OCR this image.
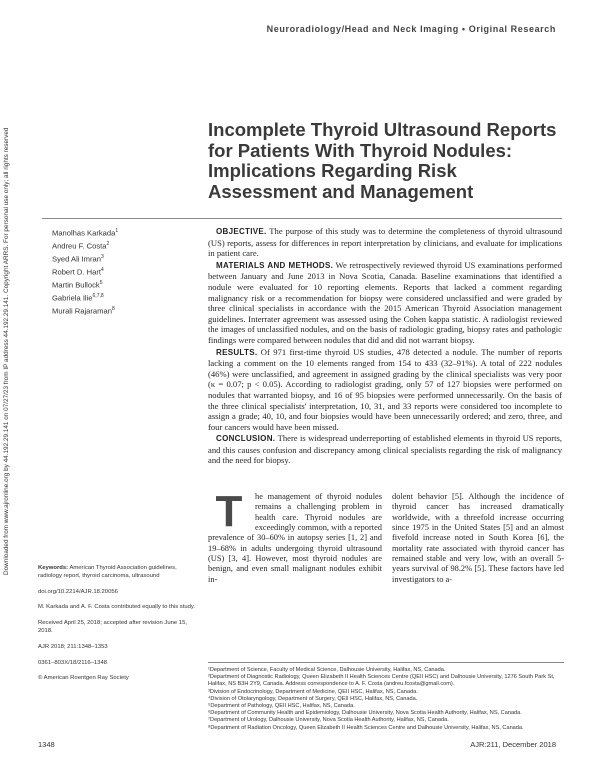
Neuroradiology/Head and Neck Imaging • Original Research
Downloaded from www.ajronline.org by 44.192.29.141 on 07/27/23 from IP address 44.192.29.141. Copyright ARRS. For personal use only; all rights reserved	Incomplete Thyroid Ultrasound Reports for Patients With Thyroid Nodules: Implications Regarding Risk Assessment and Management
Manolhas Karkada$^1$
Andreu F. Costa$^2$
Syed Ali Imran$^3$
Robert D. Hart$^4$
Martin Bullock$^5$
Gabriela Ilie$^{6,7,8}$
Murali Rajaraman$^8$

OBJECTIVE. The purpose of this study was to determine the completeness of thyroid ultrasound (US) reports, assess for differences in report interpretation by clinicians, and evaluate for implications in patient care.

MATERIALS AND METHODS. We retrospectively reviewed thyroid US examinations performed between January and June 2013 in Nova Scotia, Canada. Baseline examinations that identified a nodule were evaluated for 10 reporting elements. Reports that lacked a comment regarding malignancy risk or a recommendation for biopsy were considered unclassified and were graded by three clinical specialists in accordance with the 2015 American Thyroid Association management guidelines. Interrater agreement was assessed using the Cohen kappa statistic. A radiologist reviewed the images of unclassified nodules, and on the basis of radiologic grading, biopsy rates and pathologic findings were compared between nodules that did and did not warrant biopsy.

RESULTS. Of 971 first-time thyroid US studies, 478 detected a nodule. The number of reports lacking a comment on the 10 elements ranged from 154 to 433 (32–91%). A total of 222 nodules (46%) were unclassified, and agreement in assigned grading by the clinical specialists was very poor (κ = 0.07; p < 0.05). According to radiologist grading, only 57 of 127 biopsies were performed on nodules that warranted biopsy, and 16 of 95 biopsies were performed unnecessarily. On the basis of the three clinical specialists' interpretation, 10, 31, and 33 reports were considered too incomplete to assign a grade; 40, 10, and four biopsies would have been unnecessarily ordered; and zero, three, and four cancers would have been missed.

CONCLUSION. There is widespread underreporting of established elements in thyroid US reports, and this causes confusion and discrepancy among clinical specialists regarding the risk of malignancy and the need for biopsy.

T	he management of thyroid nodules remains a challenging problem in health care. Thyroid nodules are exceedingly common, with a reported prevalence of 30–60% in autopsy series [1, 2] and 19–68% in adults undergoing thyroid ultrasound (US) [3, 4]. However, most thyroid nodules are benign, and even small malignant nodules exhibit in-
dolent behavior [5]. Although the incidence of thyroid cancer has increased dramatically worldwide, with a threefold increase occurring since 1975 in the United States [5] and an almost fivefold increase noted in South Korea [6], the mortality rate associated with thyroid cancer has remained stable and very low, with an overall 5-years survival of 98.2% [5]. These factors have led investigators to a-

Keywords: American Thyroid Association guidelines, radiology report, thyroid carcinoma, ultrasound

doi.org/10.2214/AJR.18.20056

M. Karkada and A. F. Costa contributed equally to this study.

Received April 25, 2018; accepted after revision June 15, 2018.

AJR 2018; 211:1348–1353

0361–803X/18/2116–1348

© American Roentgen Ray Society

¹Department of Science, Faculty of Medical Science, Dalhousie University, Halifax, NS, Canada.

²Department of Diagnostic Radiology, Queen Elizabeth II Health Sciences Centre (QEII HSC) and Dalhousie University, 1276 South Park St, Halifax, NS B3H 2Y9, Canada. Address correspondence to A. F. Costa (andreu.fcosta@gmail.com).

³Division of Endocrinology, Department of Medicine, QEII HSC, Halifax, NS, Canada.

⁴Division of Otolaryngology, Department of Surgery, QEII HSC, Halifax, NS, Canada.

⁵Department of Pathology, QEII HSC, Halifax, NS, Canada.

⁶Department of Community Health and Epidemiology, Dalhousie University, Nova Scotia Health Authority, Halifax, NS, Canada.

⁷Department of Urology, Dalhousie University, Nova Scotia Health Authority, Halifax, NS, Canada.

⁸Department of Radiation Oncology, Queen Elizabeth II Health Sciences Centre and Dalhousie University, Halifax, NS, Canada.

1348	AJR:211, December 2018
